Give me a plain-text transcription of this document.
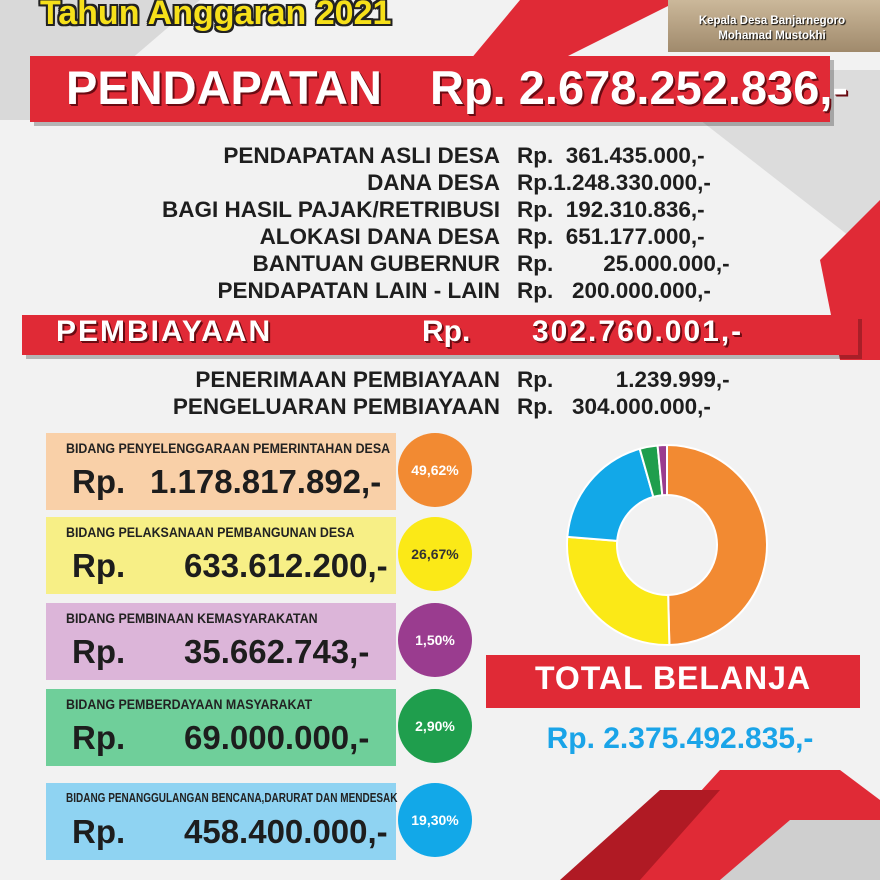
Kepala Desa Banjarnegoro
Mohamad Mustokhi
Tahun Anggaran 2021
PENDAPATAN Rp. 2.678.252.836,-
PENDAPATAN ASLI DESA Rp.  361.435.000,-
DANA DESA Rp.1.248.330.000,-
BAGI HASIL PAJAK/RETRIBUSI Rp.  192.310.836,-
ALOKASI DANA DESA Rp.  651.177.000,-
BANTUAN GUBERNUR Rp.        25.000.000,-
PENDAPATAN LAIN - LAIN Rp.   200.000.000,-
PEMBIAYAAN	Rp. 302.760.001,-
PENERIMAAN PEMBIAYAAN Rp.          1.239.999,-
PENGELUARAN PEMBIAYAAN Rp.   304.000.000,-
BIDANG PENYELENGGARAAN PEMERINTAHAN DESA
Rp. 1.178.817.892,-
BIDANG PELAKSANAAN PEMBANGUNAN DESA
Rp. 633.612.200,-
BIDANG PEMBINAAN KEMASYARAKATAN
Rp. 35.662.743,-
BIDANG PEMBERDAYAAN MASYARAKAT
Rp. 69.000.000,-
BIDANG PENANGGULANGAN BENCANA,DARURAT DAN MENDESAK
Rp. 458.400.000,-
TOTAL BELANJA
Rp. 2.375.492.835,-
49,62%
26,67%
1,50%
2,90%
19,30%
